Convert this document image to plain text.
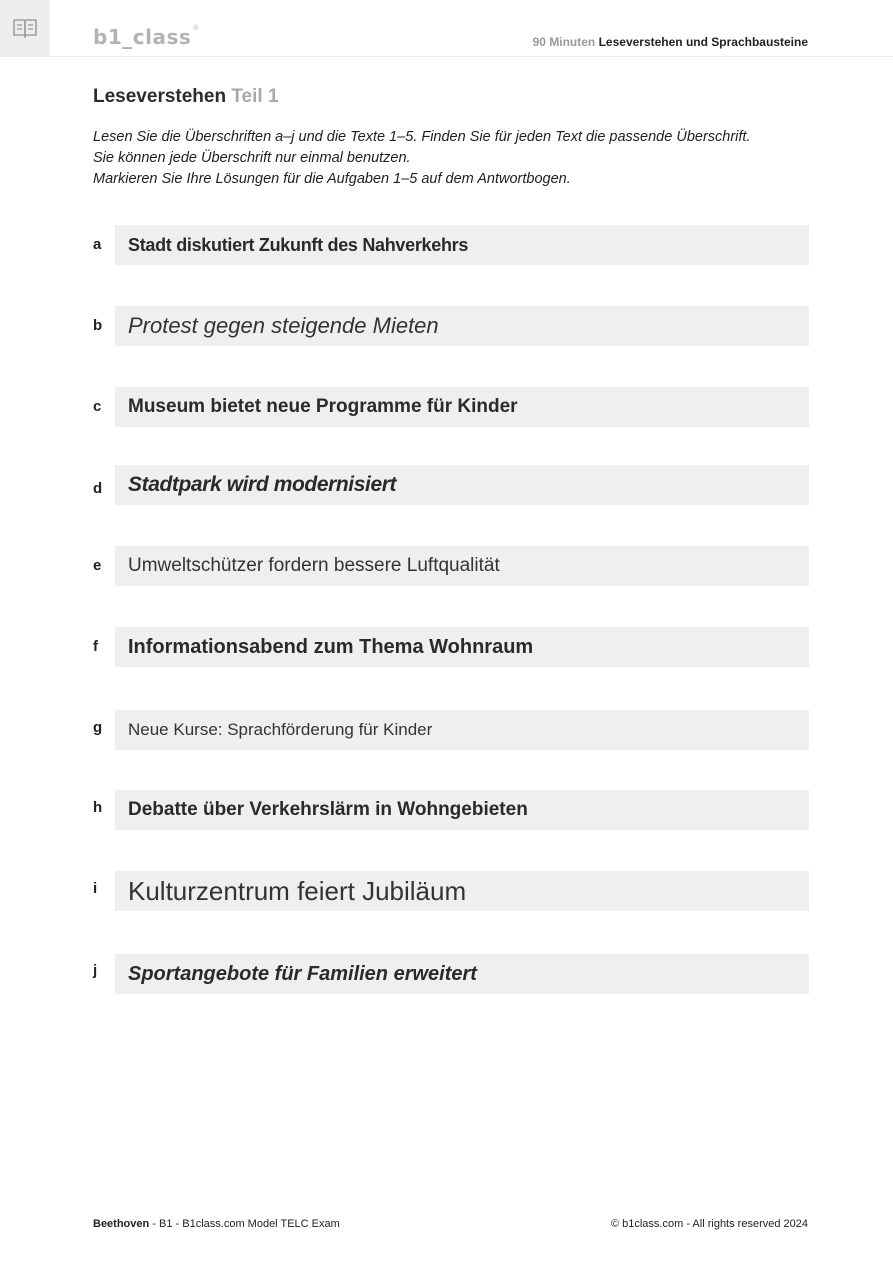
b1_class®
90 Minuten Leseverstehen und Sprachbausteine
Leseverstehen Teil 1
Lesen Sie die Überschriften a–j und die Texte 1–5. Finden Sie für jeden Text die passende Überschrift.
Sie können jede Überschrift nur einmal benutzen.
Markieren Sie Ihre Lösungen für die Aufgaben 1–5 auf dem Antwortbogen.
a	Stadt diskutiert Zukunft des Nahverkehrs
b	Protest gegen steigende Mieten
c	Museum bietet neue Programme für Kinder
d	Stadtpark wird modernisiert
e	Umweltschützer fordern bessere Luftqualität
f	Informationsabend zum Thema Wohnraum
g	Neue Kurse: Sprachförderung für Kinder
h	Debatte über Verkehrslärm in Wohngebieten
i	Kulturzentrum feiert Jubiläum
j	Sportangebote für Familien erweitert
Beethoven - B1 - B1class.com Model TELC Exam	© b1class.com - All rights reserved 2024
